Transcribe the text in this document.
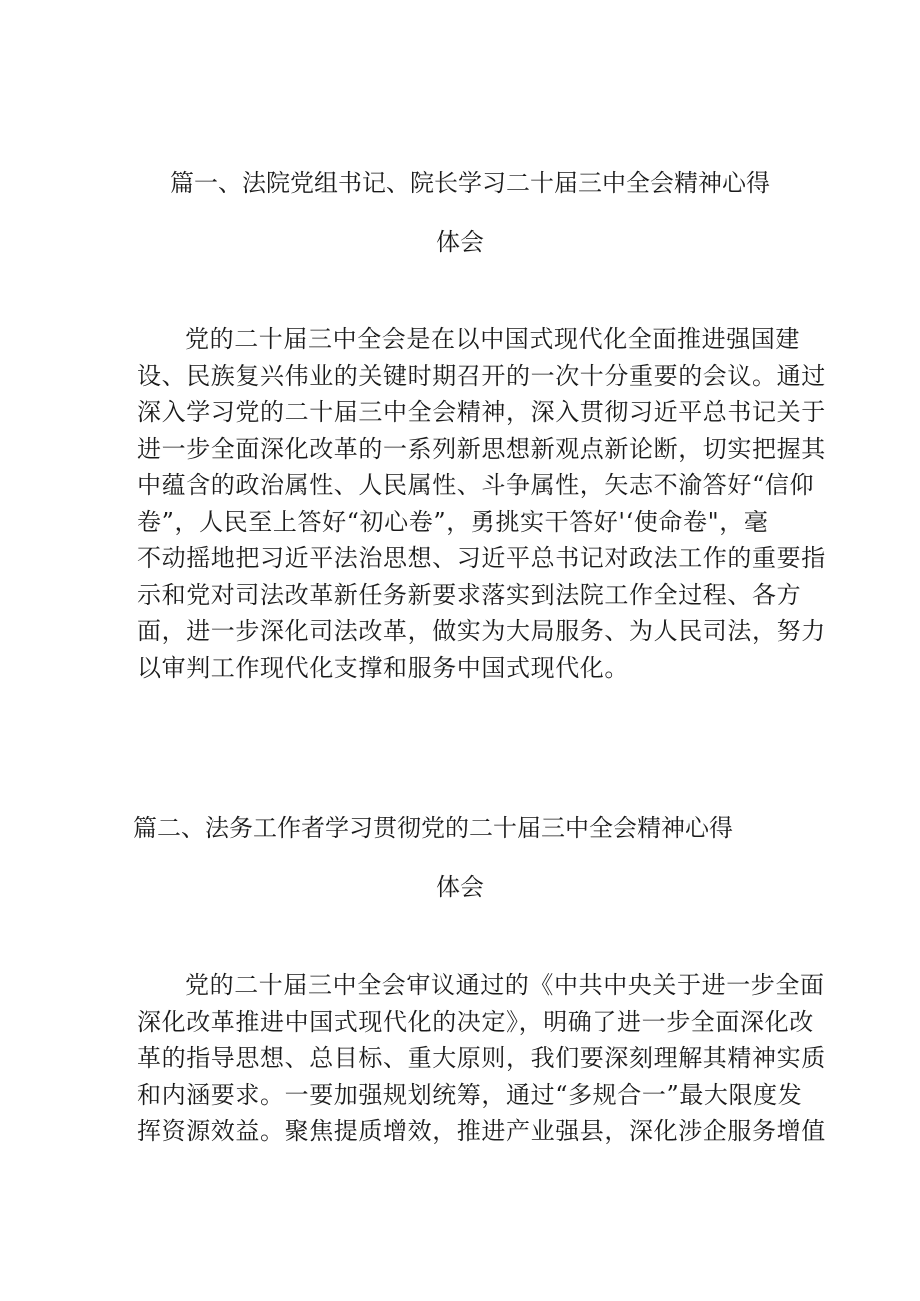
篇一、法院党组书记、院长学习二十届三中全会精神心得
体会
党的二十届三中全会是在以中国式现代化全面推进强国建
设、民族复兴伟业的关键时期召开的一次十分重要的会议。通过
深入学习党的二十届三中全会精神，深入贯彻习近平总书记关于
进一步全面深化改革的一系列新思想新观点新论断，切实把握其
中蕴含的政治属性、人民属性、斗争属性，矢志不渝答好“信仰
卷”，人民至上答好“初心卷”，勇挑实干答好'‘使命卷"，毫
不动摇地把习近平法治思想、习近平总书记对政法工作的重要指
示和党对司法改革新任务新要求落实到法院工作全过程、各方
面，进一步深化司法改革，做实为大局服务、为人民司法，努力
以审判工作现代化支撑和服务中国式现代化。
篇二、法务工作者学习贯彻党的二十届三中全会精神心得
体会
党的二十届三中全会审议通过的《中共中央关于进一步全面
深化改革推进中国式现代化的决定》，明确了进一步全面深化改
革的指导思想、总目标、重大原则，我们要深刻理解其精神实质
和内涵要求。一要加强规划统筹，通过“多规合一”最大限度发
挥资源效益。聚焦提质增效，推进产业强县，深化涉企服务增值
